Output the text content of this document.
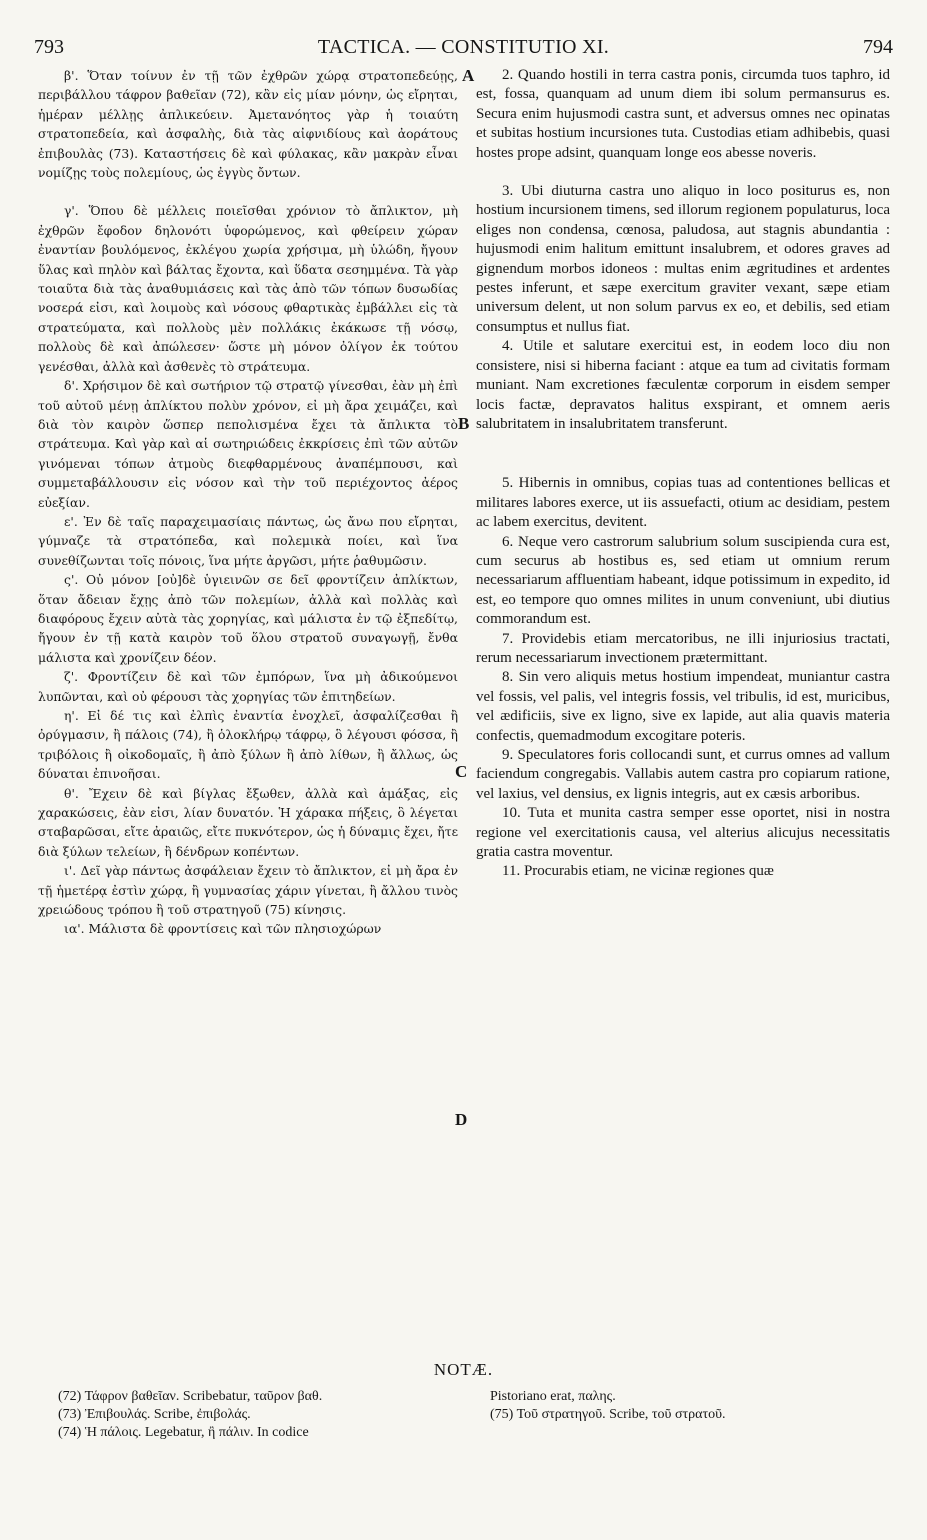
793	TACTICA. — CONSTITUTIO XI.	794

β'. Ὅταν τοίνυν ἐν τῇ τῶν ἐχθρῶν χώρᾳ στρατοπεδεύῃς, περιβάλλου τάφρον βαθεῖαν (72), κἂν εἰς μίαν μόνην, ὡς εἴρηται, ἡμέραν μέλλῃς ἀπλικεύειν. Ἀμετανόητος γὰρ ἡ τοιαύτη στρατοπεδεία, καὶ ἀσφαλὴς, διὰ τὰς αἰφνιδίους καὶ ἀοράτους ἐπιβουλὰς (73). Καταστήσεις δὲ καὶ φύλακας, κἂν μακρὰν εἶναι νομίζῃς τοὺς πολεμίους, ὡς ἐγγὺς ὄντων.

γ'. Ὅπου δὲ μέλλεις ποιεῖσθαι χρόνιον τὸ ἄπλικτον, μὴ ἐχθρῶν ἔφοδον δηλονότι ὑφορώμενος, καὶ φθείρειν χώραν ἐναντίαν βουλόμενος, ἐκλέγου χωρία χρήσιμα, μὴ ὑλώδη, ἤγουν ὕλας καὶ πηλὸν καὶ βάλτας ἔχοντα, καὶ ὕδατα σεσημμένα. Τὰ γὰρ τοιαῦτα διὰ τὰς ἀναθυμιάσεις καὶ τὰς ἀπὸ τῶν τόπων δυσωδίας νοσερά εἰσι, καὶ λοιμοὺς καὶ νόσους φθαρτικὰς ἐμβάλλει εἰς τὰ στρατεύματα, καὶ πολλοὺς μὲν πολλάκις ἐκάκωσε τῇ νόσῳ, πολλοὺς δὲ καὶ ἀπώλεσεν· ὥστε μὴ μόνον ὀλίγον ἐκ τούτου γενέσθαι, ἀλλὰ καὶ ἀσθενὲς τὸ στράτευμα.

δ'. Χρήσιμον δὲ καὶ σωτήριον τῷ στρατῷ γίνεσθαι, ἐὰν μὴ ἐπὶ τοῦ αὐτοῦ μένῃ ἀπλίκτου πολὺν χρόνον, εἰ μὴ ἄρα χειμάζει, καὶ διὰ τὸν καιρὸν ὥσπερ πεπολισμένα ἔχει τὰ ἄπλικτα τὸ στράτευμα. Καὶ γὰρ καὶ αἱ σωτηριώδεις ἐκκρίσεις ἐπὶ τῶν αὐτῶν γινόμεναι τόπων ἀτμοὺς διεφθαρμένους ἀναπέμπουσι, καὶ συμμεταβάλλουσιν εἰς νόσον καὶ τὴν τοῦ περιέχοντος ἀέρος εὐεξίαν.

ε'. Ἐν δὲ ταῖς παραχειμασίαις πάντως, ὡς ἄνω που εἴρηται, γύμναζε τὰ στρατόπεδα, καὶ πολεμικὰ ποίει, καὶ ἵνα συνεθίζωνται τοῖς πόνοις, ἵνα μήτε ἀργῶσι, μήτε ῥαθυμῶσιν.

ς'. Οὐ μόνον [οὐ]δὲ ὑγιεινῶν σε δεῖ φροντίζειν ἀπλίκτων, ὅταν ἄδειαν ἔχῃς ἀπὸ τῶν πολεμίων, ἀλλὰ καὶ πολλὰς καὶ διαφόρους ἔχειν αὐτὰ τὰς χορηγίας, καὶ μάλιστα ἐν τῷ ἐξπεδίτῳ, ἤγουν ἐν τῇ κατὰ καιρὸν τοῦ ὅλου στρατοῦ συναγωγῇ, ἔνθα μάλιστα καὶ χρονίζειν δέον.

ζ'. Φροντίζειν δὲ καὶ τῶν ἐμπόρων, ἵνα μὴ ἀδικούμενοι λυπῶνται, καὶ οὐ φέρουσι τὰς χορηγίας τῶν ἐπιτηδείων.

η'. Εἰ δέ τις καὶ ἐλπὶς ἐναντία ἐνοχλεῖ, ἀσφαλίζεσθαι ἢ ὀρύγμασιν, ἢ πάλοις (74), ἢ ὁλοκλήρῳ τάφρῳ, ὃ λέγουσι φόσσα, ἢ τριβόλοις ἢ οἰκοδομαῖς, ἢ ἀπὸ ξύλων ἢ ἀπὸ λίθων, ἢ ἄλλως, ὡς δύναται ἐπινοῆσαι.

θ'. Ἔχειν δὲ καὶ βίγλας ἔξωθεν, ἀλλὰ καὶ ἁμάξας, εἰς χαρακώσεις, ἐὰν εἰσι, λίαν δυνατόν. Ἡ χάρακα πήξεις, ὃ λέγεται σταβαρῶσαι, εἴτε ἀραιῶς, εἴτε πυκνότερον, ὡς ἡ δύναμις ἔχει, ἤτε διὰ ξύλων τελείων, ἢ δένδρων κοπέντων.

ι'. Δεῖ γὰρ πάντως ἀσφάλειαν ἔχειν τὸ ἄπλικτον, εἰ μὴ ἄρα ἐν τῇ ἡμετέρᾳ ἐστὶν χώρᾳ, ἢ γυμνασίας χάριν γίνεται, ἢ ἄλλου τινὸς χρειώδους τρόπου ἢ τοῦ στρατηγοῦ (75) κίνησις.

ια'. Μάλιστα δὲ φροντίσεις καὶ τῶν πλησιοχώρων

A
B
C
D

2. Quando hostili in terra castra ponis, circumda tuos taphro, id est, fossa, quanquam ad unum diem ibi solum permansurus es. Secura enim hujusmodi castra sunt, et adversus omnes nec opinatas et subitas hostium incursiones tuta. Custodias etiam adhibebis, quasi hostes prope adsint, quanquam longe eos abesse noveris.

3. Ubi diuturna castra uno aliquo in loco positurus es, non hostium incursionem timens, sed illorum regionem populaturus, loca eliges non condensa, cœnosa, paludosa, aut stagnis abundantia : hujusmodi enim halitum emittunt insalubrem, et odores graves ad gignendum morbos idoneos : multas enim ægritudines et ardentes pestes inferunt, et sæpe exercitum graviter vexant, sæpe etiam universum delent, ut non solum parvus ex eo, et debilis, sed etiam consumptus et nullus fiat.

4. Utile et salutare exercitui est, in eodem loco diu non consistere, nisi si hiberna faciant : atque ea tum ad civitatis formam muniant. Nam excretiones fæculentæ corporum in eisdem semper locis factæ, depravatos halitus exspirant, et omnem aeris salubritatem in insalubritatem transferunt.

5. Hibernis in omnibus, copias tuas ad contentiones bellicas et militares labores exerce, ut iis assuefacti, otium ac desidiam, pestem ac labem exercitus, devitent.

6. Neque vero castrorum salubrium solum suscipienda cura est, cum securus ab hostibus es, sed etiam ut omnium rerum necessariarum affluentiam habeant, idque potissimum in expedito, id est, eo tempore quo omnes milites in unum conveniunt, ubi diutius commorandum est.

7. Providebis etiam mercatoribus, ne illi injuriosius tractati, rerum necessariarum invectionem prætermittant.

8. Sin vero aliquis metus hostium impendeat, muniantur castra vel fossis, vel palis, vel integris fossis, vel tribulis, id est, muricibus, vel ædificiis, sive ex ligno, sive ex lapide, aut alia quavis materia confectis, quemadmodum excogitare poteris.

9. Speculatores foris collocandi sunt, et currus omnes ad vallum faciendum congregabis. Vallabis autem castra pro copiarum ratione, vel laxius, vel densius, ex lignis integris, aut ex cæsis arboribus.

10. Tuta et munita castra semper esse oportet, nisi in nostra regione vel exercitationis causa, vel alterius alicujus necessitatis gratia castra moventur.

11. Procurabis etiam, ne vicinæ regiones quæ

NOTÆ.
(72) Τάφρον βαθεῖαν. Scribebatur, ταῦρον βαθ.
(73) Ἐπιβουλάς. Scribe, ἐπιβολάς.
(74) Ἡ πάλοις. Legebatur, ἢ πάλιν. In codice
Pistoriano erat, παλης.
(75) Τοῦ στρατηγοῦ. Scribe, τοῦ στρατοῦ.
